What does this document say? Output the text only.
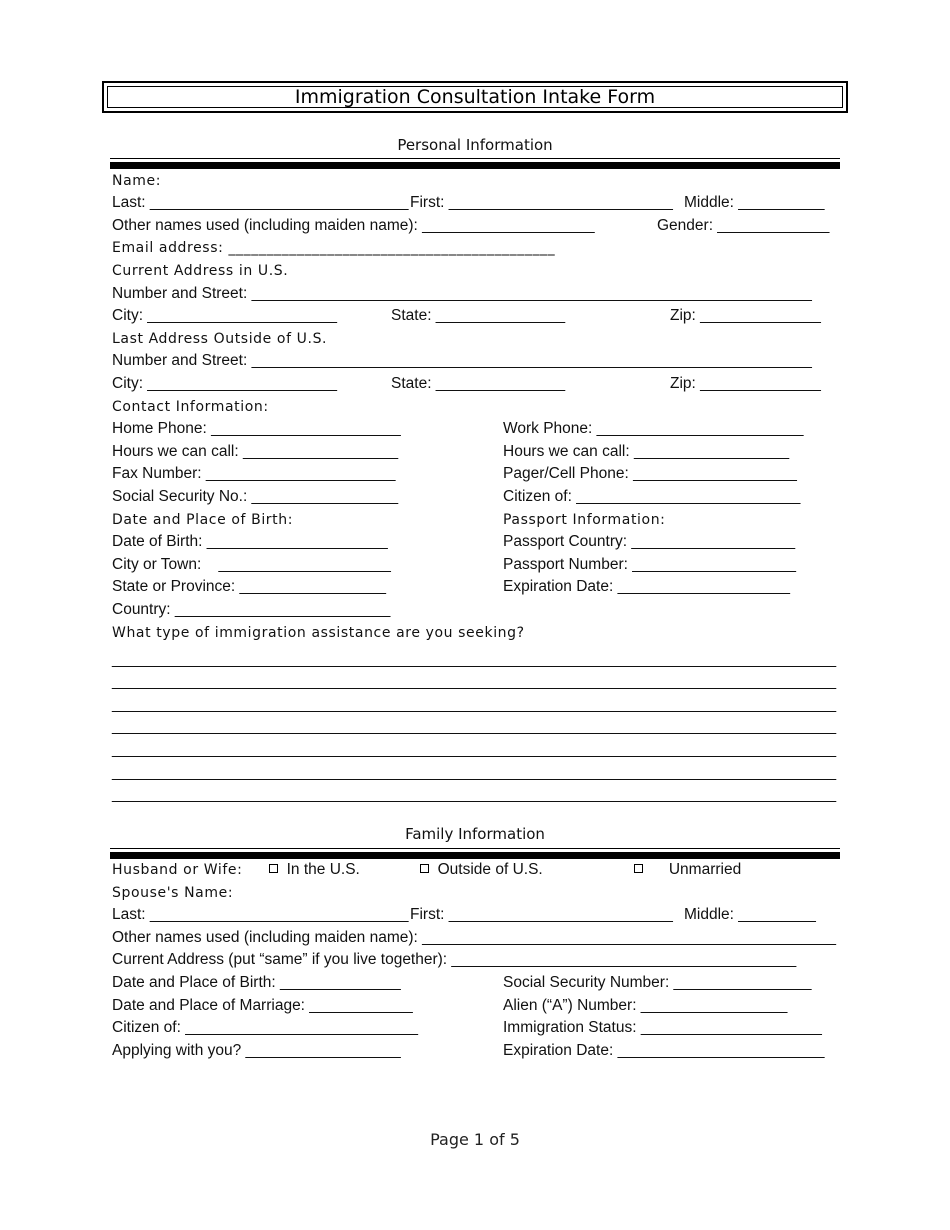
Immigration Consultation Intake Form
Personal Information
Name:
Last: ______________________________ First: __________________________ Middle: __________
Other names used (including maiden name): ____________________	Gender: _____________
Email address: ___________________________________________
Current Address in U.S.
Number and Street: _________________________________________________________________
City: ______________________	State: _______________	Zip: ______________
Last Address Outside of U.S.
Number and Street: _________________________________________________________________
City: ______________________	State: _______________	Zip: ______________
Contact Information:
Home Phone: ______________________	Work Phone: ________________________
Hours we can call: __________________	Hours we can call: __________________
Fax Number: ______________________	Pager/Cell Phone: ___________________
Social Security No.: _________________	Citizen of: __________________________
Date and Place of Birth:	Passport Information:
Date of Birth: _____________________	Passport Country: ___________________
City or Town:    ____________________	Passport Number: ___________________
State or Province: _________________	Expiration Date: ____________________
Country: _________________________
What type of immigration assistance are you seeking?
____________________________________________________________________________________
____________________________________________________________________________________
____________________________________________________________________________________
____________________________________________________________________________________
____________________________________________________________________________________
____________________________________________________________________________________
____________________________________________________________________________________
Family Information
Husband or Wife:	In the U.S.	Outside of U.S.	Unmarried
Spouse's Name:
Last: ______________________________ First: __________________________ Middle: _________
Other names used (including maiden name): ________________________________________________
Current Address (put “same” if you live together): ________________________________________
Date and Place of Birth: ______________	Social Security Number: ________________
Date and Place of Marriage: ____________	Alien (“A”) Number: _________________
Citizen of: ___________________________	Immigration Status: _____________________
Applying with you? __________________	Expiration Date: ________________________
Page 1 of 5
